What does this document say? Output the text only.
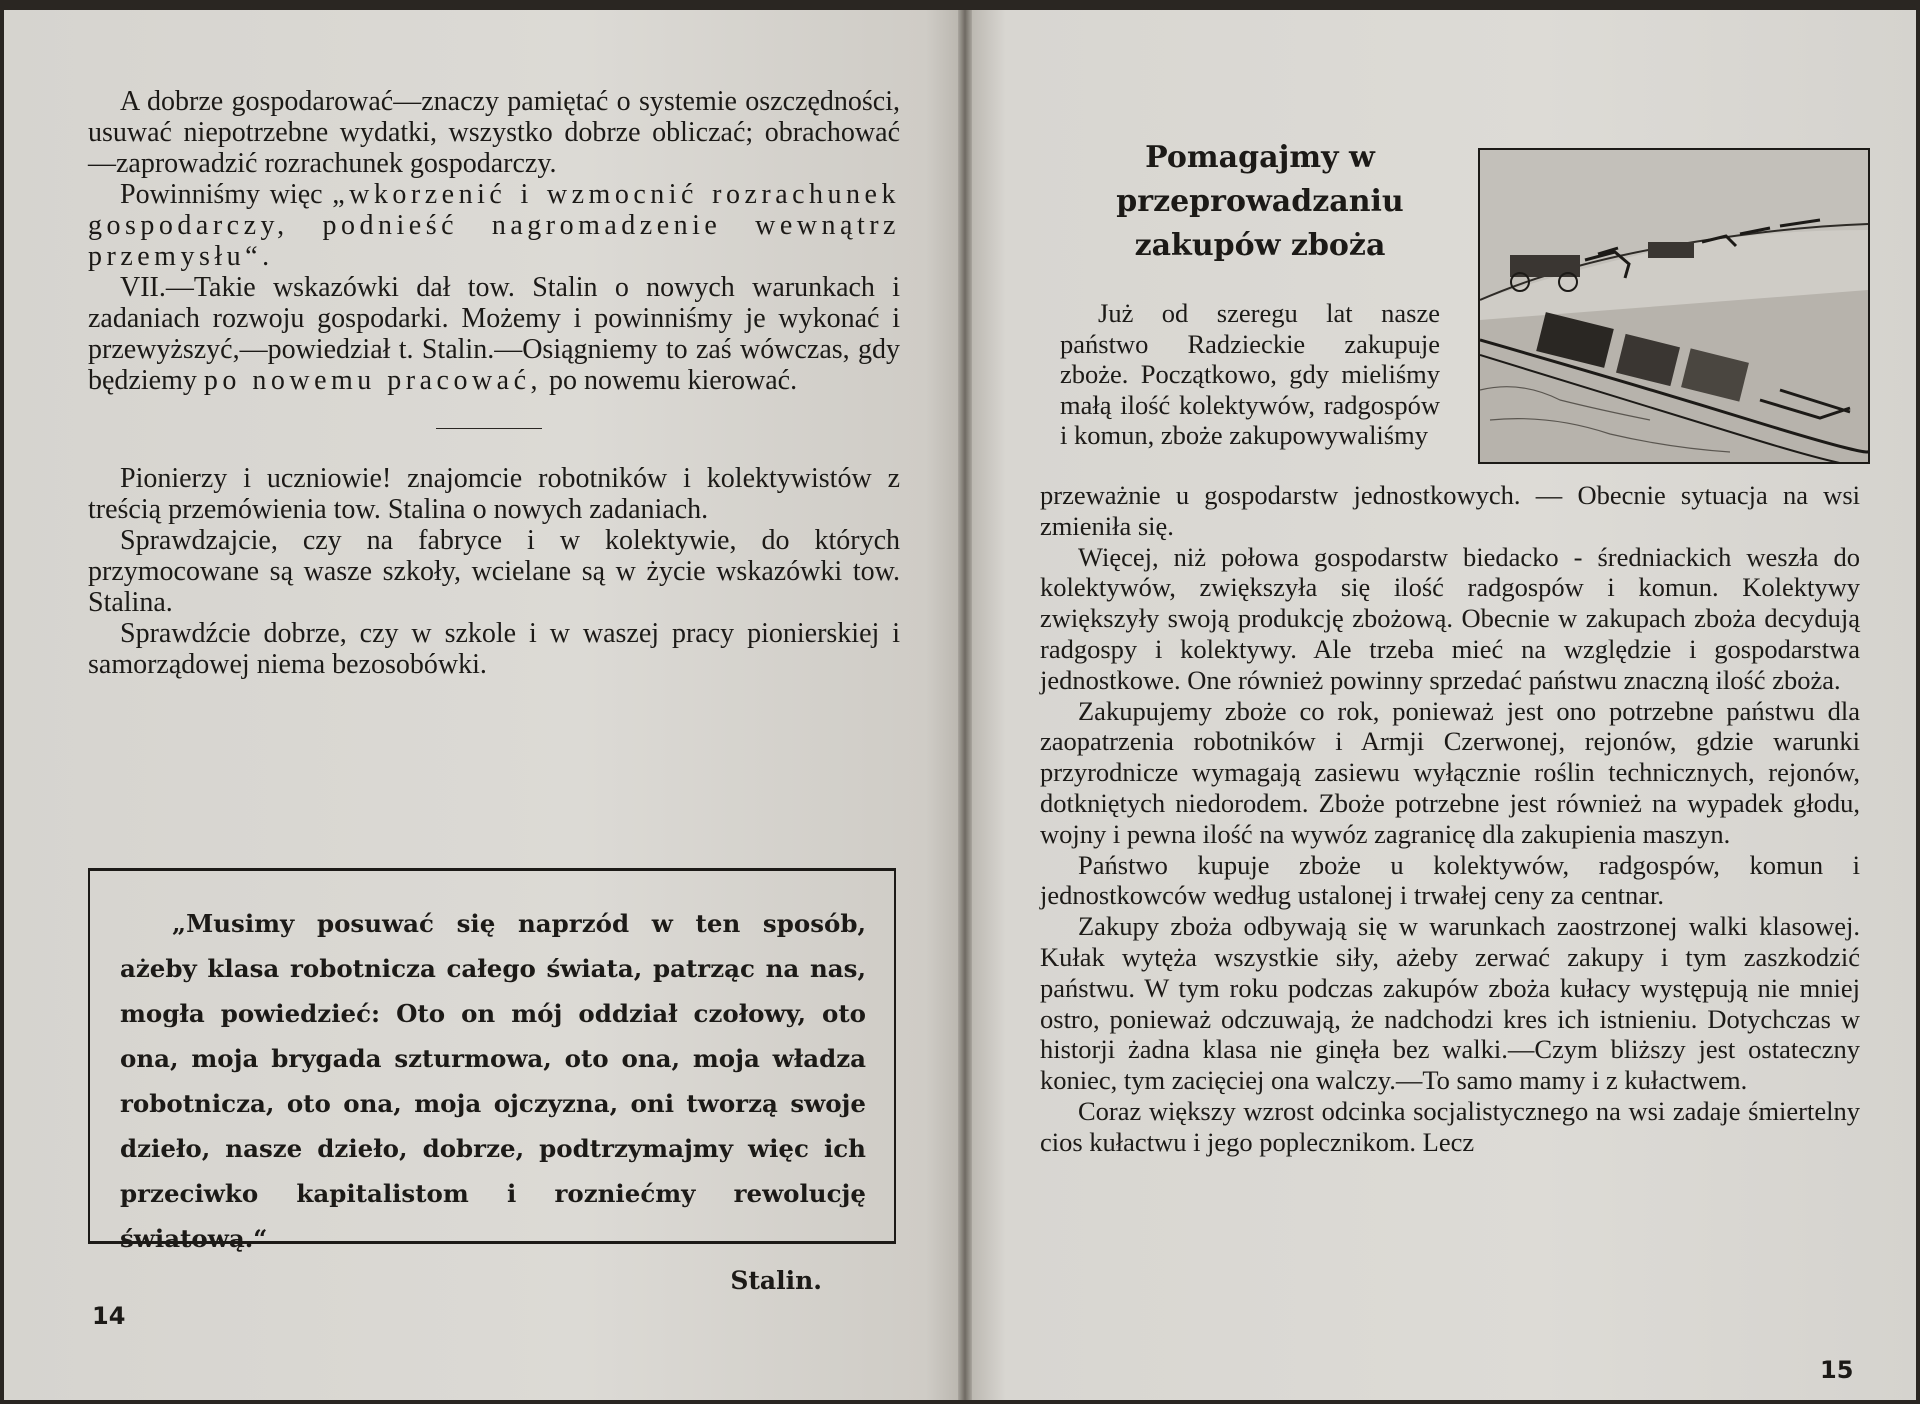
A dobrze gospodarować—znaczy pamiętać o systemie oszczędności, usuwać niepotrzebne wydatki, wszystko dobrze obliczać; obrachować—zaprowadzić rozrachunek gospodarczy.

Powinniśmy więc „wkorzenić i wzmocnić rozrachunek gospodarczy, podnieść nagromadzenie wewnątrz przemysłu“.

VII.—Takie wskazówki dał tow. Stalin o nowych warunkach i zadaniach rozwoju gospodarki. Możemy i powinniśmy je wykonać i przewyższyć,—powiedział t. Stalin.—Osiągniemy to zaś wówczas, gdy będziemy po nowemu pracować, po nowemu kierować.

Pionierzy i uczniowie! znajomcie robotników i kolektywistów z treścią przemówienia tow. Stalina o nowych zadaniach.

Sprawdzajcie, czy na fabryce i w kolektywie, do których przymocowane są wasze szkoły, wcielane są w życie wskazówki tow. Stalina.

Sprawdźcie dobrze, czy w szkole i w waszej pracy pionierskiej i samorządowej niema bezosobówki.

„Musimy posuwać się naprzód w ten sposób, ażeby klasa robotnicza całego świata, patrząc na nas, mogła powiedzieć: Oto on mój oddział czołowy, oto ona, moja brygada szturmowa, oto ona, moja władza robotnicza, oto ona, moja ojczyzna, oni tworzą swoje dzieło, nasze dzieło, dobrze, podtrzymajmy więc ich przeciwko kapitalistom i rozniećmy rewolucję światową.“

Stalin.

14
Pomagajmy w przeprowadzaniu zakupów zboża

Już od szeregu lat nasze państwo Radzieckie zakupuje zboże. Początkowo, gdy mieliśmy małą ilość kolektywów, radgospów i komun, zboże zakupowywaliśmy

przeważnie u gospodarstw jednostkowych. — Obecnie sytuacja na wsi zmieniła się.

Więcej, niż połowa gospodarstw biedacko - średniackich weszła do kolektywów, zwiększyła się ilość radgospów i komun. Kolektywy zwiększyły swoją produkcję zbożową. Obecnie w zakupach zboża decydują radgospy i kolektywy. Ale trzeba mieć na względzie i gospodarstwa jednostkowe. One również powinny sprzedać państwu znaczną ilość zboża.

Zakupujemy zboże co rok, ponieważ jest ono potrzebne państwu dla zaopatrzenia robotników i Armji Czerwonej, rejonów, gdzie warunki przyrodnicze wymagają zasiewu wyłącznie roślin technicznych, rejonów, dotkniętych niedorodem. Zboże potrzebne jest również na wypadek głodu, wojny i pewna ilość na wywóz zagranicę dla zakupienia maszyn.

Państwo kupuje zboże u kolektywów, radgospów, komun i jednostkowców według ustalonej i trwałej ceny za centnar.

Zakupy zboża odbywają się w warunkach zaostrzonej walki klasowej. Kułak wytęża wszystkie siły, ażeby zerwać zakupy i tym zaszkodzić państwu. W tym roku podczas zakupów zboża kułacy występują nie mniej ostro, ponieważ odczuwają, że nadchodzi kres ich istnieniu. Dotychczas w historji żadna klasa nie ginęła bez walki.—Czym bliższy jest ostateczny koniec, tym zacięciej ona walczy.—To samo mamy i z kułactwem.

Coraz większy wzrost odcinka socjalistycznego na wsi zadaje śmiertelny cios kułactwu i jego poplecznikom. Lecz

15
